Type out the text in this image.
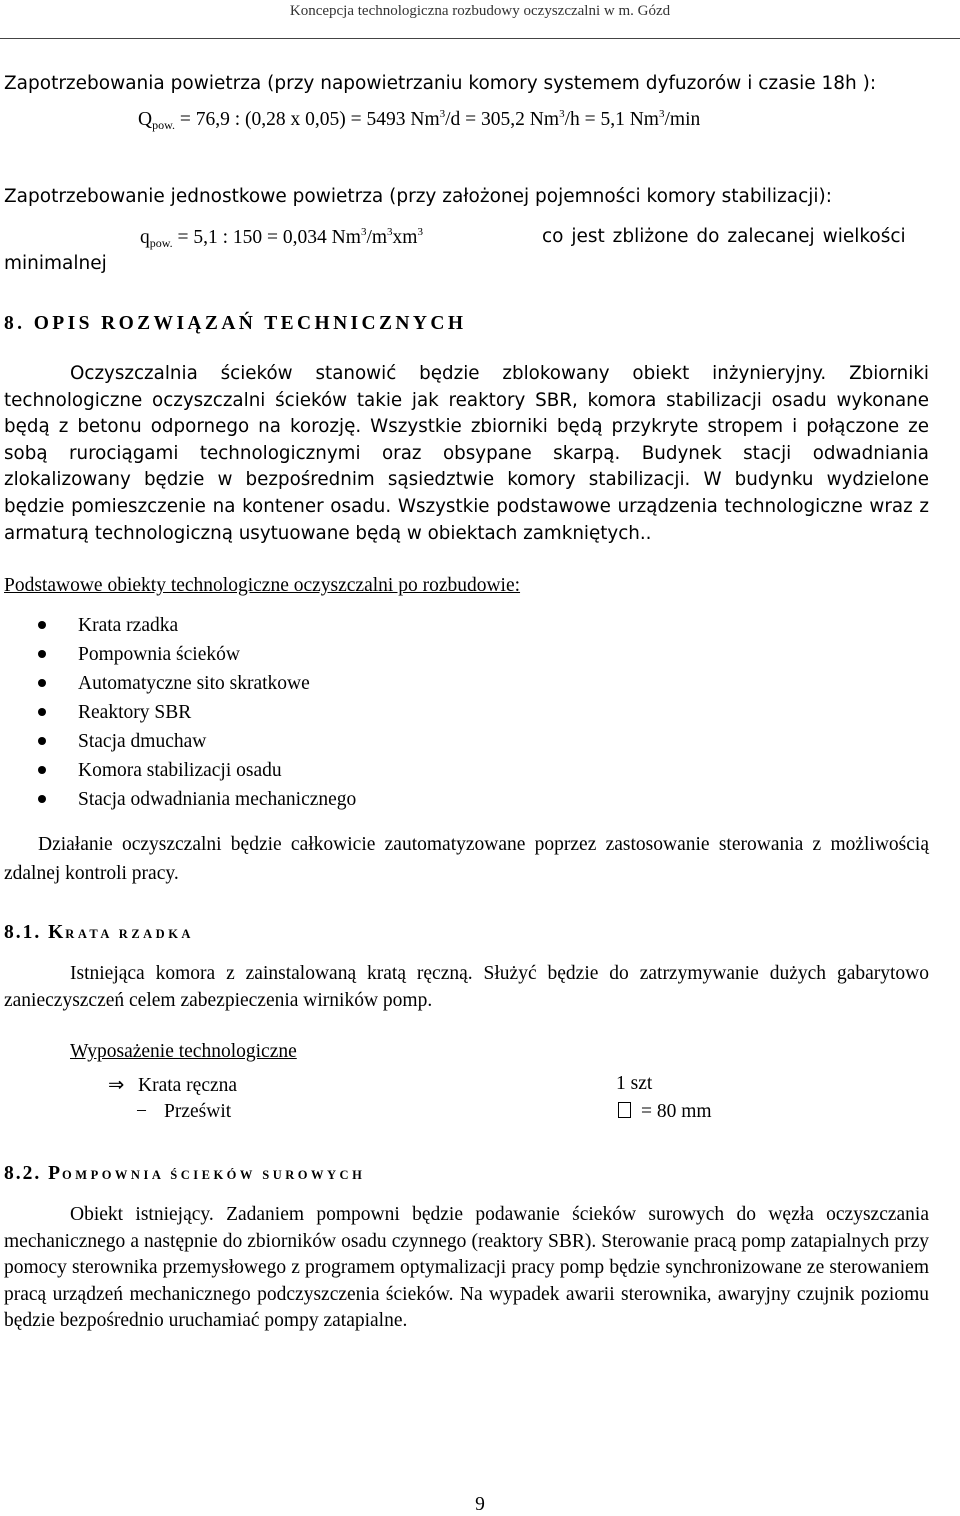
Koncepcja technologiczna rozbudowy oczyszczalni w m. Gózd
Zapotrzebowania powietrza (przy napowietrzaniu komory systemem dyfuzorów i czasie 18h ):
$Q_{pow.} = 76,9$ : (0,28 x 0,05) = 5493 $Nm^3/d = 305,2$ $Nm^3/h = 5,1$ Nm$^3$/min
Zapotrzebowanie jednostkowe powietrza (przy założonej pojemności komory stabilizacji):
$q_{pow.} = 5,1$ : 150 = 0,034 $Nm^3/m^3xm^3$	co jest zbliżone do zalecanej wielkości
minimalnej
8. OPIS ROZWIĄZAŃ TECHNICZNYCH
Oczyszczalnia ścieków stanowić będzie zblokowany obiekt inżynieryjny. Zbiorniki technologiczne oczyszczalni ścieków takie jak reaktory SBR, komora stabilizacji osadu wykonane będą z betonu odpornego na korozję. Wszystkie zbiorniki będą przykryte stropem i połączone ze sobą rurociągami technologicznymi oraz obsypane skarpą. Budynek stacji odwadniania zlokalizowany będzie w bezpośrednim sąsiedztwie komory stabilizacji. W budynku wydzielone będzie pomieszczenie na kontener osadu. Wszystkie podstawowe urządzenia technologiczne wraz z armaturą technologiczną usytuowane będą w obiektach zamkniętych..
Podstawowe obiekty technologiczne oczyszczalni po rozbudowie:
Krata rzadka
Pompownia ścieków
Automatyczne sito skratkowe
Reaktory SBR
Stacja dmuchaw
Komora stabilizacji osadu
Stacja odwadniania mechanicznego
Działanie oczyszczalni będzie całkowicie zautomatyzowane poprzez zastosowanie sterowania z możliwością zdalnej kontroli pracy.
8.1. KRATA RZADKA
Istniejąca komora z zainstalowaną kratą ręczną. Służyć będzie do zatrzymywanie dużych gabarytowo zanieczyszczeń celem zabezpieczenia wirników pomp.
Wyposażenie technologiczne
⇒ Krata ręczna	1 szt
− Prześwit	= 80 mm
8.2. POMPOWNIA ŚCIEKÓW SUROWYCH
Obiekt istniejący. Zadaniem pompowni będzie podawanie ścieków surowych do węzła oczyszczania mechanicznego a następnie do zbiorników osadu czynnego (reaktory SBR). Sterowanie pracą pomp zatapialnych przy pomocy sterownika przemysłowego z programem optymalizacji pracy pomp będzie synchronizowane ze sterowaniem pracą urządzeń mechanicznego podczyszczenia ścieków. Na wypadek awarii sterownika, awaryjny czujnik poziomu będzie bezpośrednio uruchamiać pompy zatapialne.
9
